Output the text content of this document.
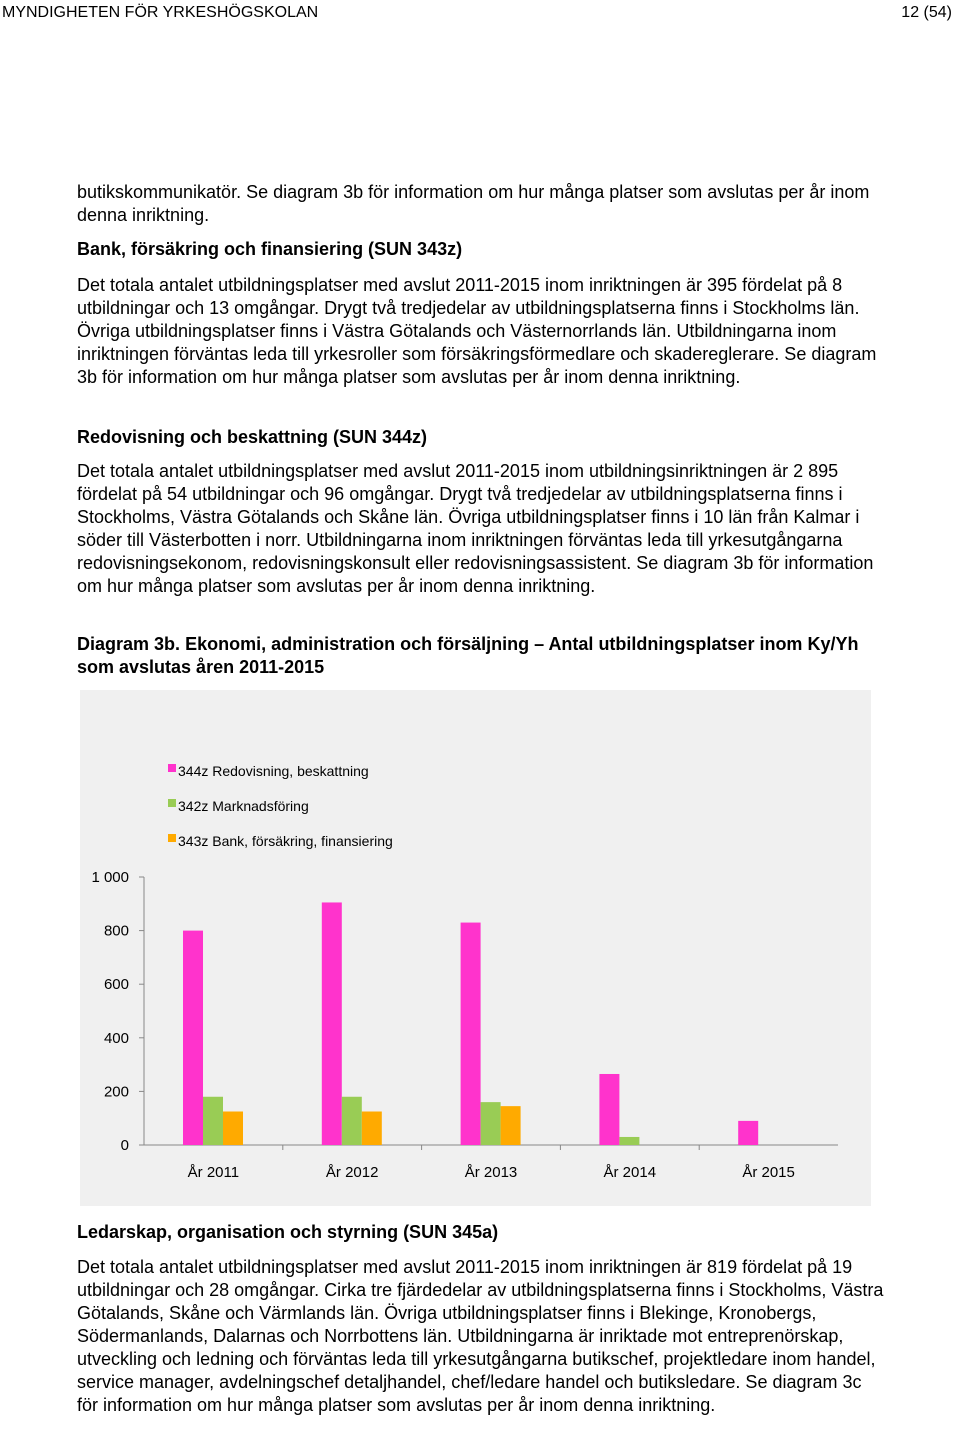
MYNDIGHETEN FÖR YRKESHÖGSKOLAN	12 (54)

butikskommunikatör. Se diagram 3b för information om hur många platser som avslutas per år inom denna inriktning.

Bank, försäkring och finansiering (SUN 343z)

Det totala antalet utbildningsplatser med avslut 2011-2015 inom inriktningen är 395 fördelat på 8 utbildningar och 13 omgångar. Drygt två tredjedelar av utbildningsplatserna finns i Stockholms län. Övriga utbildningsplatser finns i Västra Götalands och Västernorrlands län. Utbildningarna inom inriktningen förväntas leda till yrkesroller som försäkringsförmedlare och skadereglerare. Se diagram 3b för information om hur många platser som avslutas per år inom denna inriktning.

Redovisning och beskattning (SUN 344z)

Det totala antalet utbildningsplatser med avslut 2011-2015 inom utbildningsinriktningen är 2 895 fördelat på 54 utbildningar och 96 omgångar. Drygt två tredjedelar av utbildningsplatserna finns i Stockholms, Västra Götalands och Skåne län. Övriga utbildningsplatser finns i 10 län från Kalmar i söder till Västerbotten i norr. Utbildningarna inom inriktningen förväntas leda till yrkesutgångarna redovisningsekonom, redovisningskonsult eller redovisningsassistent. Se diagram 3b för information om hur många platser som avslutas per år inom denna inriktning.

Diagram 3b. Ekonomi, administration och försäljning – Antal utbildningsplatser inom Ky/Yh som avslutas åren 2011-2015

0
200
400
600
800
1 000
År 2011	År 2012	År 2013	År 2014	År 2015
344z Redovisning, beskattning
342z Marknadsföring
343z Bank, försäkring, finansiering

Ledarskap, organisation och styrning (SUN 345a)

Det totala antalet utbildningsplatser med avslut 2011-2015 inom inriktningen är 819 fördelat på 19 utbildningar och 28 omgångar. Cirka tre fjärdedelar av utbildningsplatserna finns i Stockholms, Västra Götalands, Skåne och Värmlands län. Övriga utbildningsplatser finns i Blekinge, Kronobergs, Södermanlands, Dalarnas och Norrbottens län. Utbildningarna är inriktade mot entreprenörskap, utveckling och ledning och förväntas leda till yrkesutgångarna butikschef, projektledare inom handel, service manager, avdelningschef detaljhandel, chef/ledare handel och butiksledare. Se diagram 3c för information om hur många platser som avslutas per år inom denna inriktning.
